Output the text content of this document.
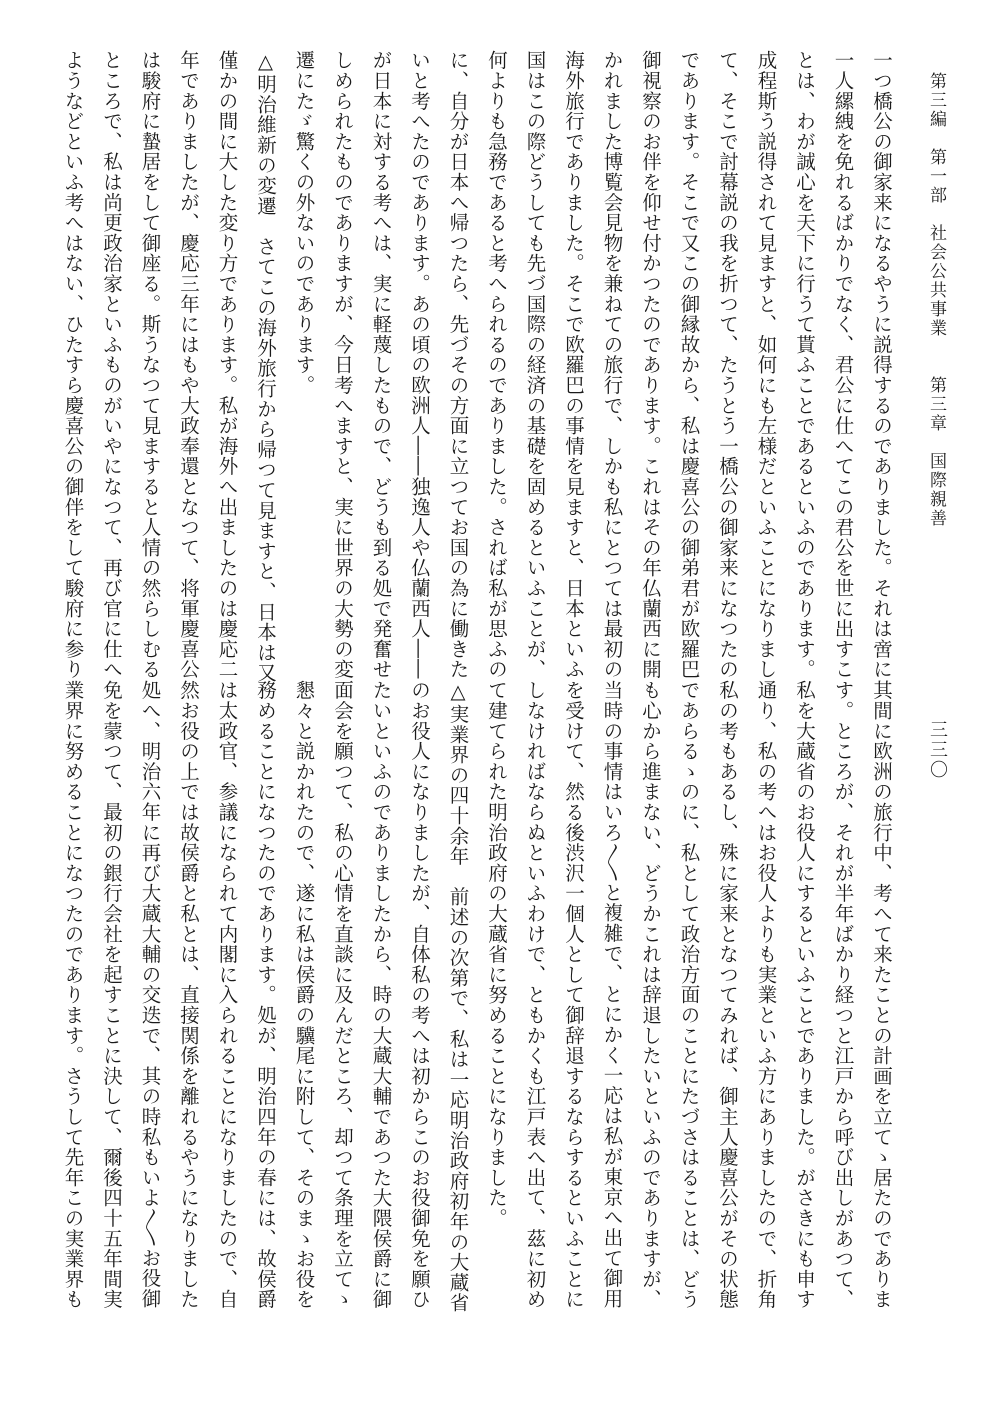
第三編　第一部　社会公共事業　　第三章　国際親善
三三〇

一つ橋公の御家来になるやうに説得するのでありました。それは啻に

一人縲絏を免れるばかりでなく、君公に仕へてこの君公を世に出すこ

とは、わが誠心を天下に行うて貰ふことであるといふのであります。

成程斯う説得されて見ますと、如何にも左様だといふことになりまし

て、そこで討幕説の我を折つて、たうとう一橋公の御家来になつたの

であります。そこで又この御縁故から、私は慶喜公の御弟君が欧羅巴

御視察のお伴を仰せ付かつたのであります。これはその年仏蘭西に開

かれました博覧会見物を兼ねての旅行で、しかも私にとつては最初の

海外旅行でありました。そこで欧羅巴の事情を見ますと、日本といふ

国はこの際どうしても先づ国際の経済の基礎を固めるといふことが、

何よりも急務であると考へられるのでありました。されば私が思ふの

に、自分が日本へ帰つたら、先づその方面に立つてお国の為に働きた

いと考へたのであります。あの頃の欧洲人――独逸人や仏蘭西人――

が日本に対する考へは、実に軽蔑したもので、どうも到る処で発奮せ

しめられたものでありますが、今日考へますと、実に世界の大勢の変

遷にたゞ驚くの外ないのであります。

△明治維新の変遷　さてこの海外旅行から帰つて見ますと、日本は又

僅かの間に大した変り方であります。私が海外へ出ましたのは慶応二

年でありましたが、慶応三年にはもや大政奉還となつて、将軍慶喜公

は駿府に蟄居をして御座る。斯うなつて見ますると人情の然らしむる

ところで、私は尚更政治家といふものがいやになつて、再び官に仕へ

ようなどといふ考へはない、ひたすら慶喜公の御伴をして駿府に参り

其間に欧洲の旅行中、考へて来たことの計画を立てゝ居たのでありま

す。ところが、それが半年ばかり経つと江戸から呼び出しがあつて、

私を大蔵省のお役人にするといふことでありました。がさきにも申す

通り、私の考へはお役人よりも実業といふ方にありましたので、折角

私の考もあるし、殊に家来となつてみれば、御主人慶喜公がその状態

であらるゝのに、私として政治方面のことにたづさはることは、どう

も心から進まない、どうかこれは辞退したいといふのでありますが、

当時の事情はいろ〳〵と複雑で、とにかく一応は私が東京へ出て御用

を受けて、然る後渋沢一個人として御辞退するならするといふことに

しなければならぬといふわけで、ともかくも江戸表へ出て、茲に初め

て建てられた明治政府の大蔵省に努めることになりました。

△実業界の四十余年　前述の次第で、私は一応明治政府初年の大蔵省

のお役人になりましたが、自体私の考へは初からこのお役御免を願ひ

たいといふのでありましたから、時の大蔵大輔であつた大隈侯爵に御

面会を願つて、私の心情を直談に及んだところ、却つて条理を立てゝ

懇々と説かれたので、遂に私は侯爵の驥尾に附して、そのまゝお役を

務めることになつたのであります。処が、明治四年の春には、故侯爵

は太政官、参議になられて内閣に入られることになりましたので、自

然お役の上では故侯爵と私とは、直接関係を離れるやうになりました

処へ、明治六年に再び大蔵大輔の交迭で、其の時私もいよ〳〵お役御

免を蒙つて、最初の銀行会社を起すことに決して、爾後四十五年間実

業界に努めることになつたのであります。さうして先年この実業界も
